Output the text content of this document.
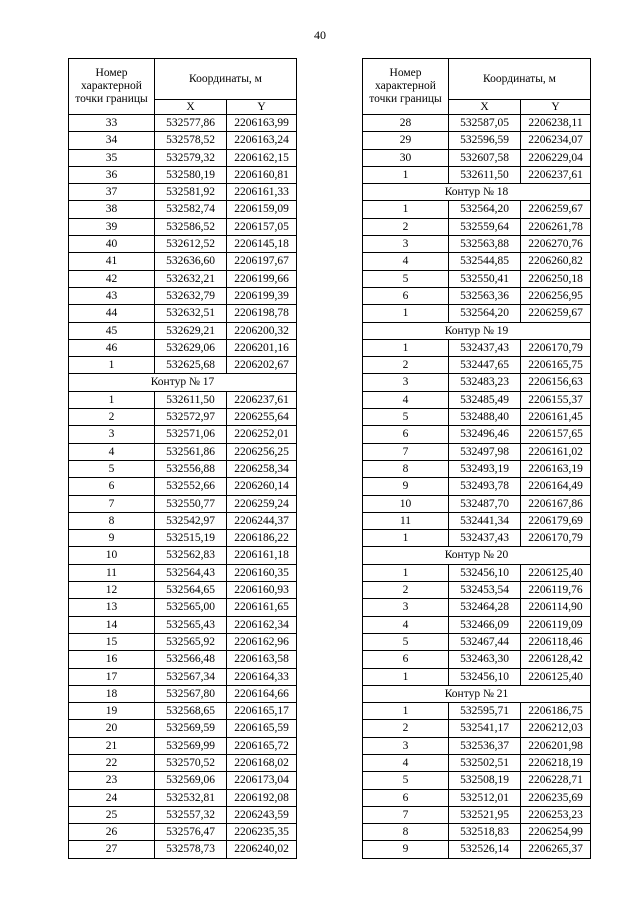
40
Номер характерной точки границы	Координаты, м	
	X	Y
33	532577,86	2206163,99
34	532578,52	2206163,24
35	532579,32	2206162,15
36	532580,19	2206160,81
37	532581,92	2206161,33
38	532582,74	2206159,09
39	532586,52	2206157,05
40	532612,52	2206145,18
41	532636,60	2206197,67
42	532632,21	2206199,66
43	532632,79	2206199,39
44	532632,51	2206198,78
45	532629,21	2206200,32
46	532629,06	2206201,16
1	532625,68	2206202,67
Контур № 17		
1	532611,50	2206237,61
2	532572,97	2206255,64
3	532571,06	2206252,01
4	532561,86	2206256,25
5	532556,88	2206258,34
6	532552,66	2206260,14
7	532550,77	2206259,24
8	532542,97	2206244,37
9	532515,19	2206186,22
10	532562,83	2206161,18
11	532564,43	2206160,35
12	532564,65	2206160,93
13	532565,00	2206161,65
14	532565,43	2206162,34
15	532565,92	2206162,96
16	532566,48	2206163,58
17	532567,34	2206164,33
18	532567,80	2206164,66
19	532568,65	2206165,17
20	532569,59	2206165,59
21	532569,99	2206165,72
22	532570,52	2206168,02
23	532569,06	2206173,04
24	532532,81	2206192,08
25	532557,32	2206243,59
26	532576,47	2206235,35
27	532578,73	2206240,02
Номер характерной точки границы	Координаты, м	
	X	Y
28	532587,05	2206238,11
29	532596,59	2206234,07
30	532607,58	2206229,04
1	532611,50	2206237,61
Контур № 18		
1	532564,20	2206259,67
2	532559,64	2206261,78
3	532563,88	2206270,76
4	532544,85	2206260,82
5	532550,41	2206250,18
6	532563,36	2206256,95
1	532564,20	2206259,67
Контур № 19		
1	532437,43	2206170,79
2	532447,65	2206165,75
3	532483,23	2206156,63
4	532485,49	2206155,37
5	532488,40	2206161,45
6	532496,46	2206157,65
7	532497,98	2206161,02
8	532493,19	2206163,19
9	532493,78	2206164,49
10	532487,70	2206167,86
11	532441,34	2206179,69
1	532437,43	2206170,79
Контур № 20		
1	532456,10	2206125,40
2	532453,54	2206119,76
3	532464,28	2206114,90
4	532466,09	2206119,09
5	532467,44	2206118,46
6	532463,30	2206128,42
1	532456,10	2206125,40
Контур № 21		
1	532595,71	2206186,75
2	532541,17	2206212,03
3	532536,37	2206201,98
4	532502,51	2206218,19
5	532508,19	2206228,71
6	532512,01	2206235,69
7	532521,95	2206253,23
8	532518,83	2206254,99
9	532526,14	2206265,37
